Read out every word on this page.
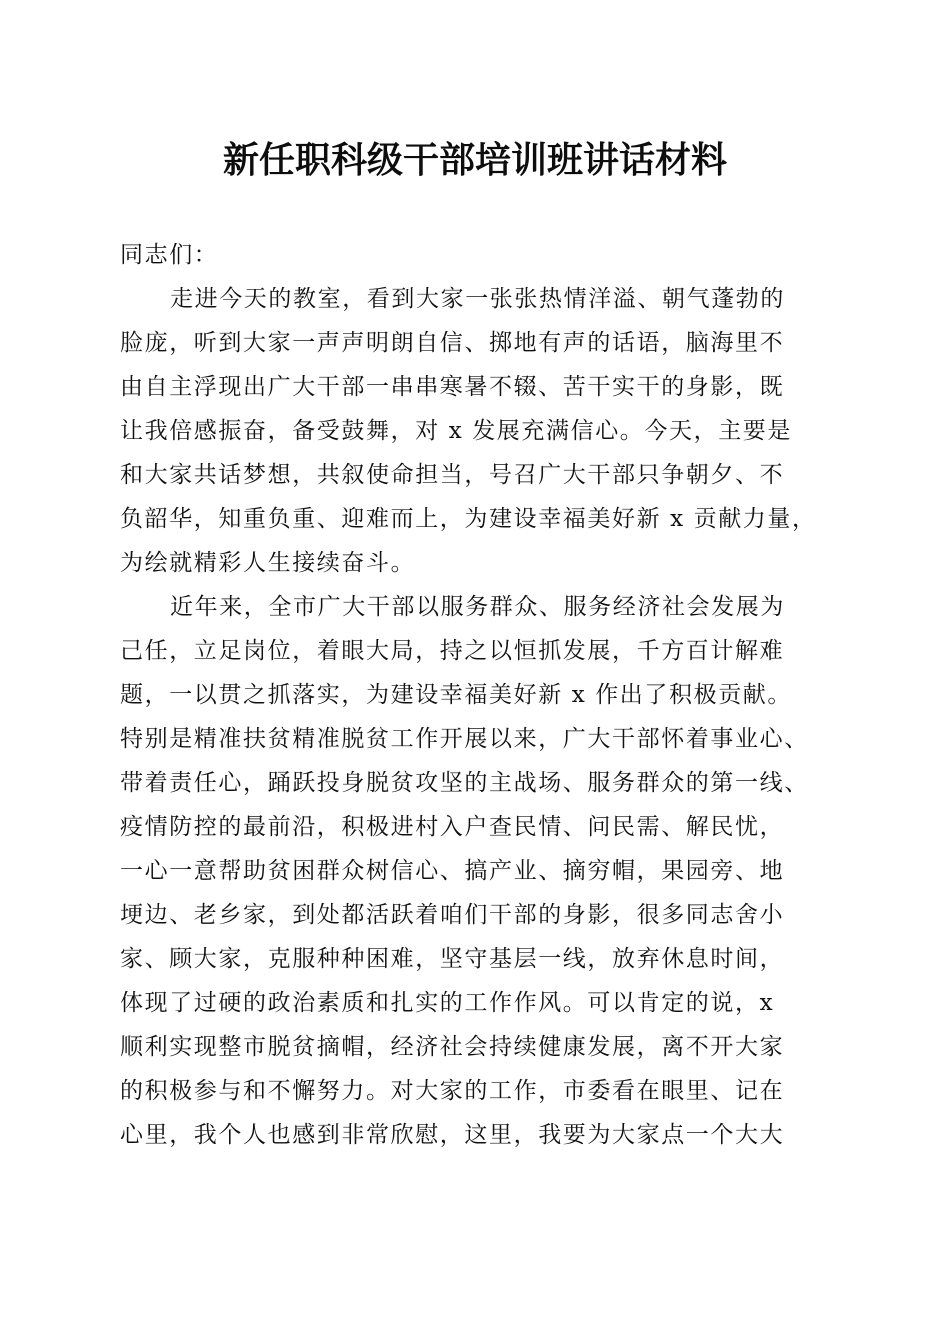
新任职科级干部培训班讲话材料
同志们：
走进今天的教室，看到大家一张张热情洋溢、朝气蓬勃的
脸庞，听到大家一声声明朗自信、掷地有声的话语，脑海里不
由自主浮现出广大干部一串串寒暑不辍、苦干实干的身影，既
让我倍感振奋，备受鼓舞，对 x 发展充满信心。今天，主要是
和大家共话梦想，共叙使命担当，号召广大干部只争朝夕、不
负韶华，知重负重、迎难而上，为建设幸福美好新 x 贡献力量，
为绘就精彩人生接续奋斗。
近年来，全市广大干部以服务群众、服务经济社会发展为
己任，立足岗位，着眼大局，持之以恒抓发展，千方百计解难
题，一以贯之抓落实，为建设幸福美好新 x 作出了积极贡献。
特别是精准扶贫精准脱贫工作开展以来，广大干部怀着事业心、
带着责任心，踊跃投身脱贫攻坚的主战场、服务群众的第一线、
疫情防控的最前沿，积极进村入户查民情、问民需、解民忧，
一心一意帮助贫困群众树信心、搞产业、摘穷帽，果园旁、地
埂边、老乡家，到处都活跃着咱们干部的身影，很多同志舍小
家、顾大家，克服种种困难，坚守基层一线，放弃休息时间，
体现了过硬的政治素质和扎实的工作作风。可以肯定的说，x
顺利实现整市脱贫摘帽，经济社会持续健康发展，离不开大家
的积极参与和不懈努力。对大家的工作，市委看在眼里、记在
心里，我个人也感到非常欣慰，这里，我要为大家点一个大大
